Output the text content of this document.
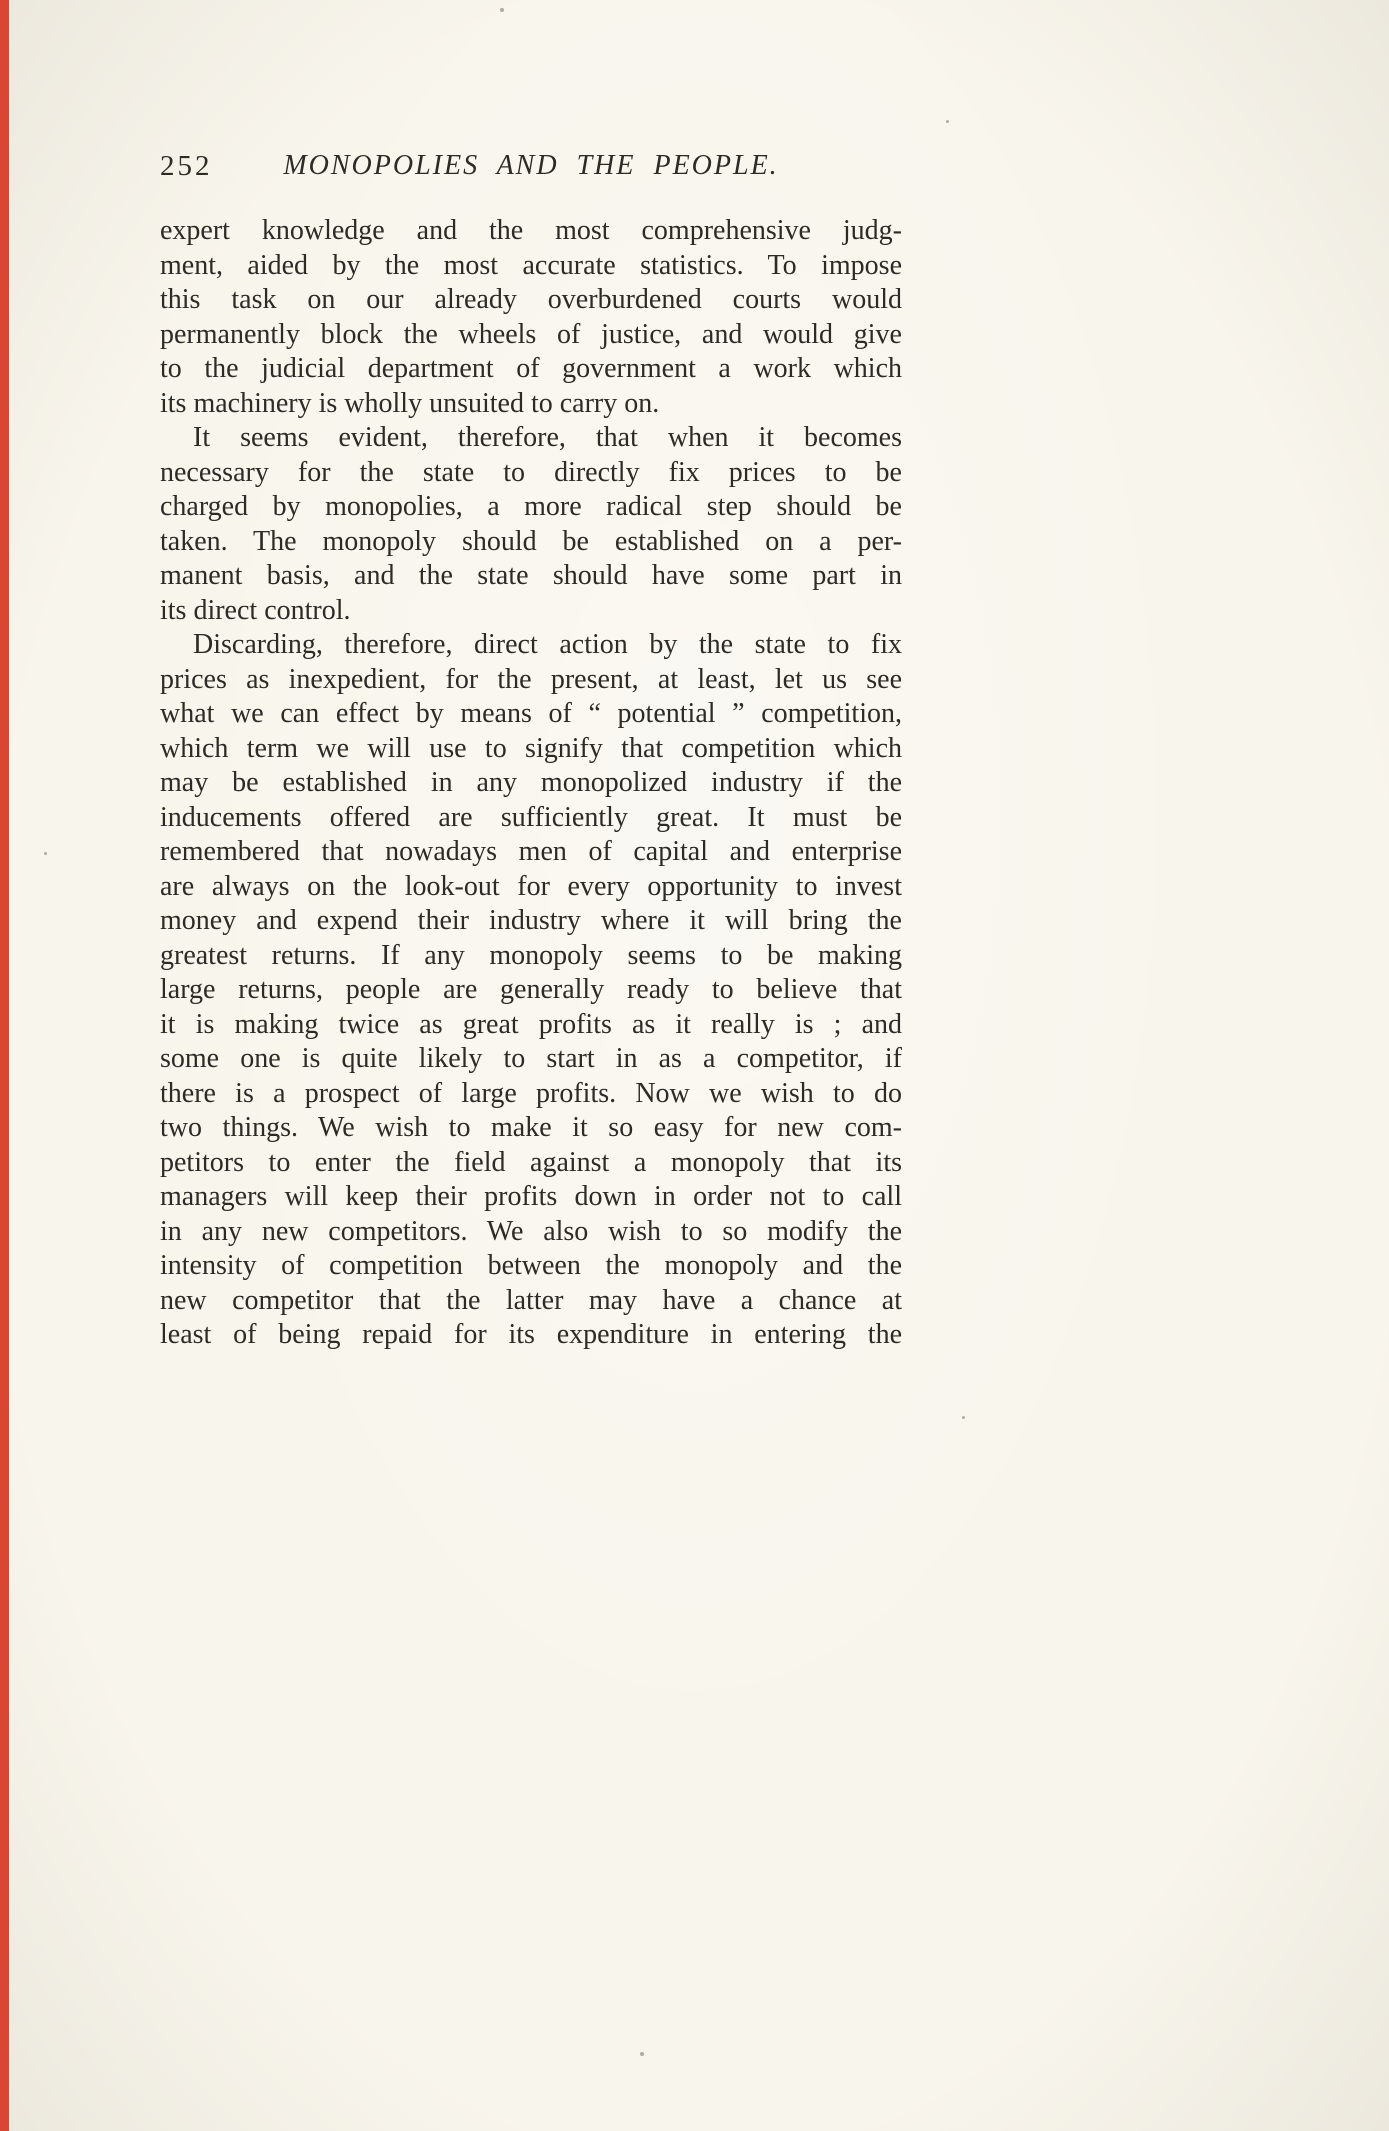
252	MONOPOLIES AND THE PEOPLE.

expert knowledge and the most comprehensive judg-
ment, aided by the most accurate statistics. To impose
this task on our already overburdened courts would
permanently block the wheels of justice, and would give
to the judicial department of government a work which
its machinery is wholly unsuited to carry on.

It seems evident, therefore, that when it becomes
necessary for the state to directly fix prices to be
charged by monopolies, a more radical step should be
taken. The monopoly should be established on a per-
manent basis, and the state should have some part in
its direct control.

Discarding, therefore, direct action by the state to fix
prices as inexpedient, for the present, at least, let us see
what we can effect by means of “ potential ” competition,
which term we will use to signify that competition which
may be established in any monopolized industry if the
inducements offered are sufficiently great. It must be
remembered that nowadays men of capital and enterprise
are always on the look-out for every opportunity to invest
money and expend their industry where it will bring the
greatest returns. If any monopoly seems to be making
large returns, people are generally ready to believe that
it is making twice as great profits as it really is ; and
some one is quite likely to start in as a competitor, if
there is a prospect of large profits. Now we wish to do
two things. We wish to make it so easy for new com-
petitors to enter the field against a monopoly that its
managers will keep their profits down in order not to call
in any new competitors. We also wish to so modify the
intensity of competition between the monopoly and the
new competitor that the latter may have a chance at
least of being repaid for its expenditure in entering the
